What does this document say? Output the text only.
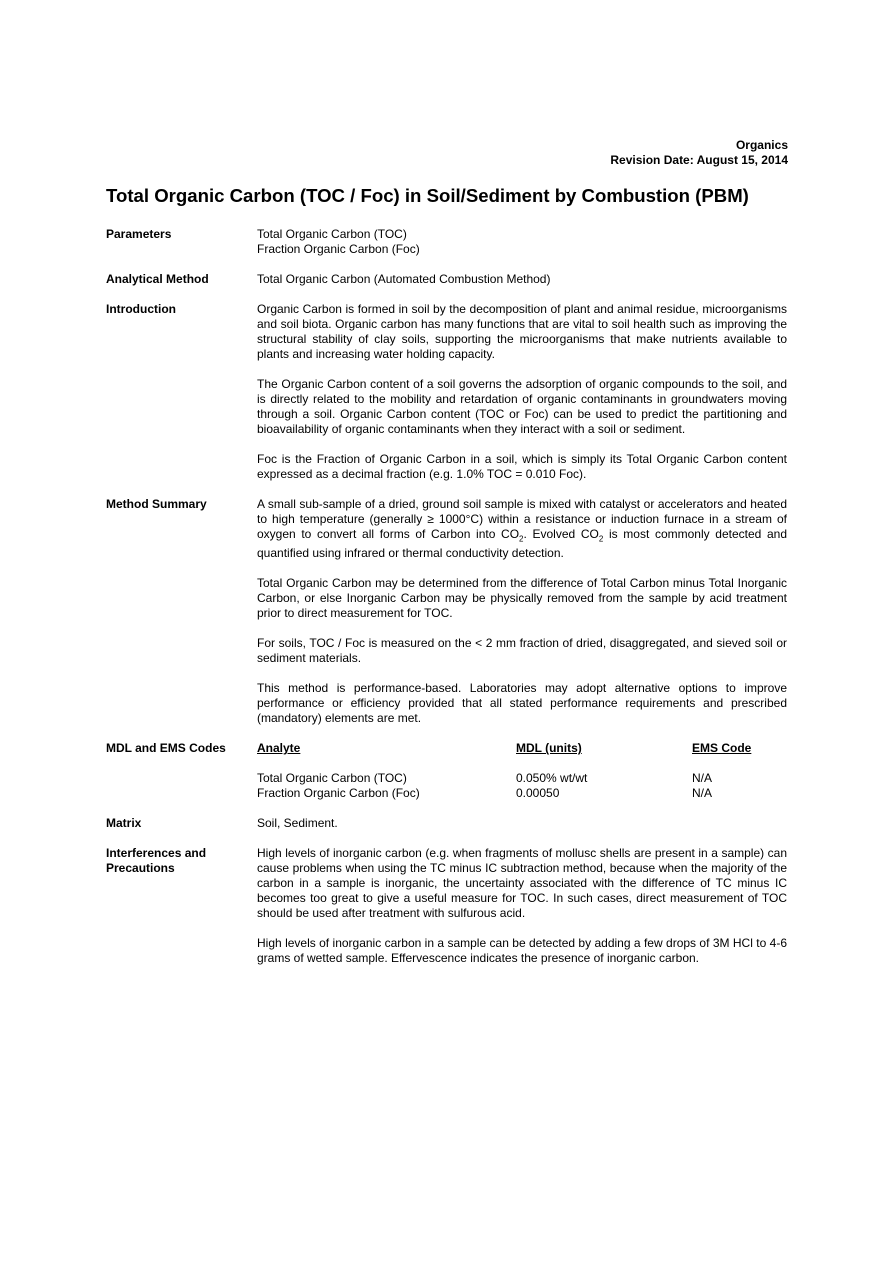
Organics
Revision Date: August 15, 2014
Total Organic Carbon (TOC / Foc) in Soil/Sediment by Combustion (PBM)
Parameters	Total Organic Carbon (TOC)
Fraction Organic Carbon (Foc)
Analytical Method	Total Organic Carbon (Automated Combustion Method)
Introduction	Organic Carbon is formed in soil by the decomposition of plant and animal residue, microorganisms and soil biota. Organic carbon has many functions that are vital to soil health such as improving the structural stability of clay soils, supporting the microorganisms that make nutrients available to plants and increasing water holding capacity.
The Organic Carbon content of a soil governs the adsorption of organic compounds to the soil, and is directly related to the mobility and retardation of organic contaminants in groundwaters moving through a soil. Organic Carbon content (TOC or Foc) can be used to predict the partitioning and bioavailability of organic contaminants when they interact with a soil or sediment.
Foc is the Fraction of Organic Carbon in a soil, which is simply its Total Organic Carbon content expressed as a decimal fraction (e.g. 1.0% TOC = 0.010 Foc).
Method Summary	A small sub-sample of a dried, ground soil sample is mixed with catalyst or accelerators and heated to high temperature (generally ≥ 1000°C) within a resistance or induction furnace in a stream of oxygen to convert all forms of Carbon into $CO_2$. Evolved $CO_2$ is most commonly detected and quantified using infrared or thermal conductivity detection.
Total Organic Carbon may be determined from the difference of Total Carbon minus Total Inorganic Carbon, or else Inorganic Carbon may be physically removed from the sample by acid treatment prior to direct measurement for TOC.
For soils, TOC / Foc is measured on the < 2 mm fraction of dried, disaggregated, and sieved soil or sediment materials.
This method is performance-based. Laboratories may adopt alternative options to improve performance or efficiency provided that all stated performance requirements and prescribed (mandatory) elements are met.
MDL and EMS Codes	Analyte	MDL (units)	EMS Code
Total Organic Carbon (TOC)	0.050% wt/wt	N/A
Fraction Organic Carbon (Foc)	0.00050	N/A
Matrix	Soil, Sediment.
Interferences and
Precautions
High levels of inorganic carbon (e.g. when fragments of mollusc shells are present in a sample) can cause problems when using the TC minus IC subtraction method, because when the majority of the carbon in a sample is inorganic, the uncertainty associated with the difference of TC minus IC becomes too great to give a useful measure for TOC. In such cases, direct measurement of TOC should be used after treatment with sulfurous acid.
High levels of inorganic carbon in a sample can be detected by adding a few drops of 3M HCl to 4-6 grams of wetted sample. Effervescence indicates the presence of inorganic carbon.
